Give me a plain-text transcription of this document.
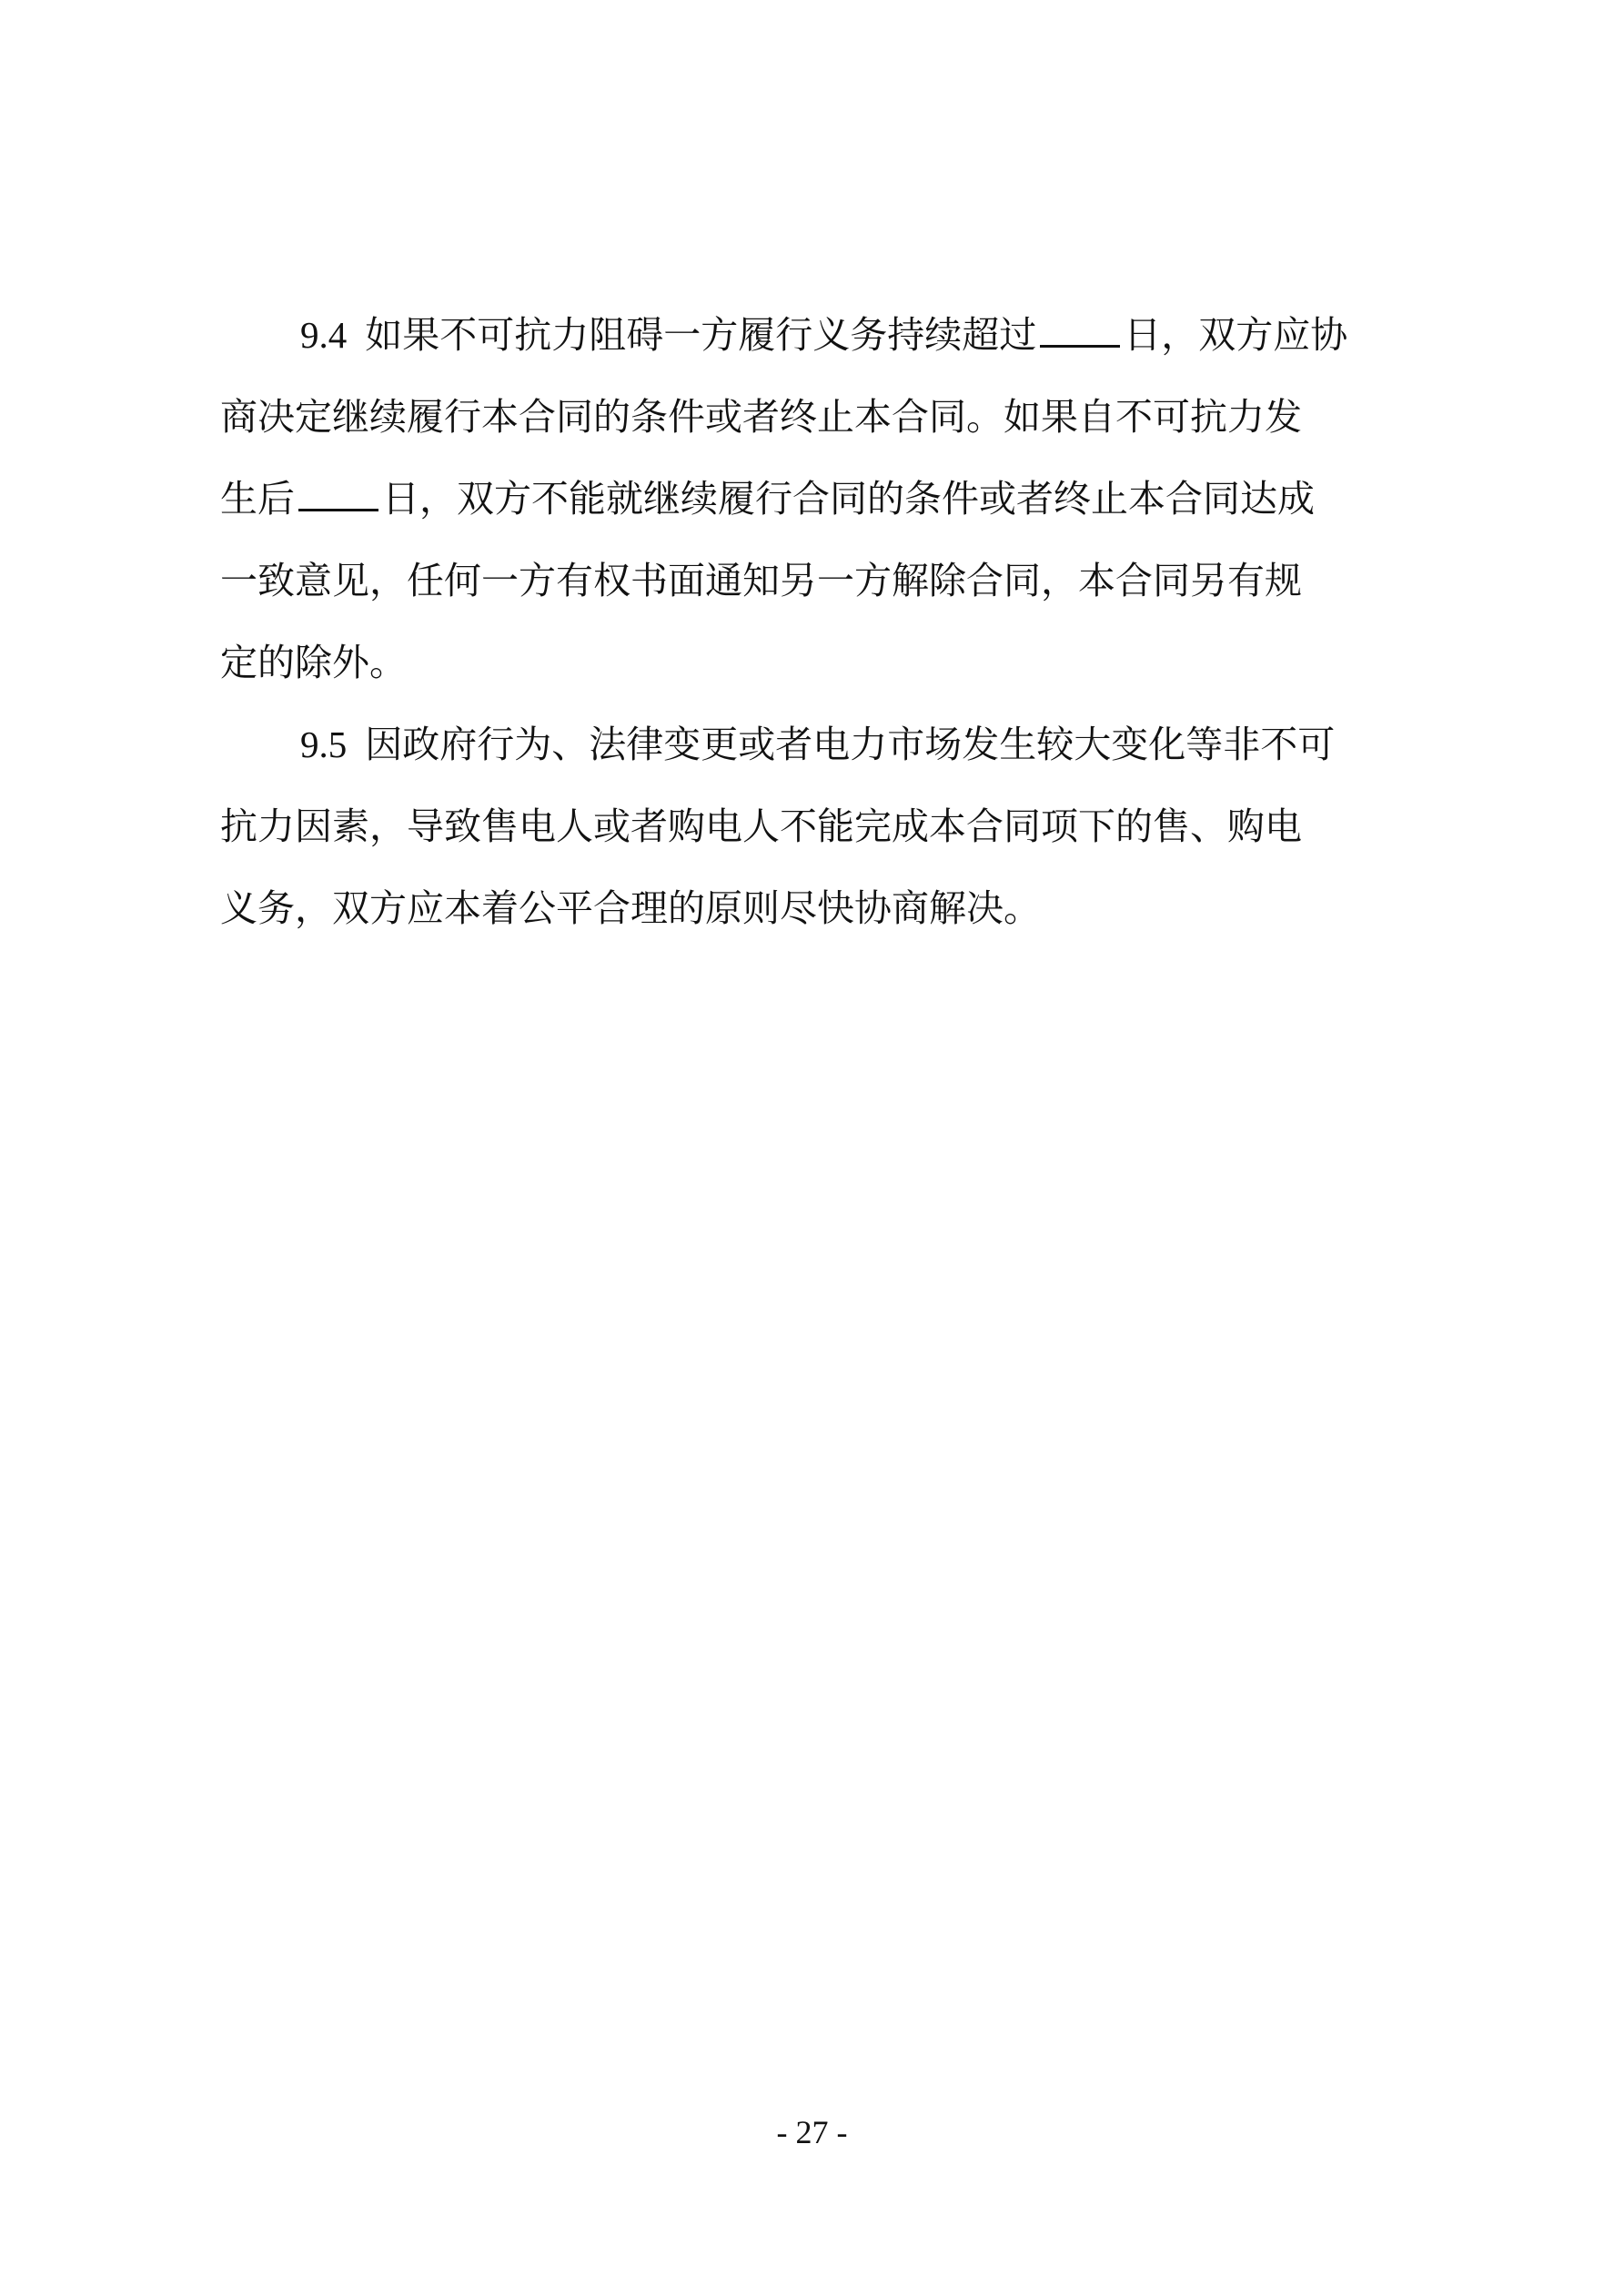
9.4 如果不可抗力阻碍一方履行义务持续超过 日，双方应协
商决定继续履行本合同的条件或者终止本合同。如果自不可抗力发
生后 日，双方不能就继续履行合同的条件或者终止本合同达成
一致意见，任何一方有权书面通知另一方解除合同，本合同另有规
定的除外。
9.5 因政府行为、法律变更或者电力市场发生较大变化等非不可
抗力因素，导致售电人或者购电人不能完成本合同项下的售、购电
义务，双方应本着公平合理的原则尽快协商解决。
- 27 -
